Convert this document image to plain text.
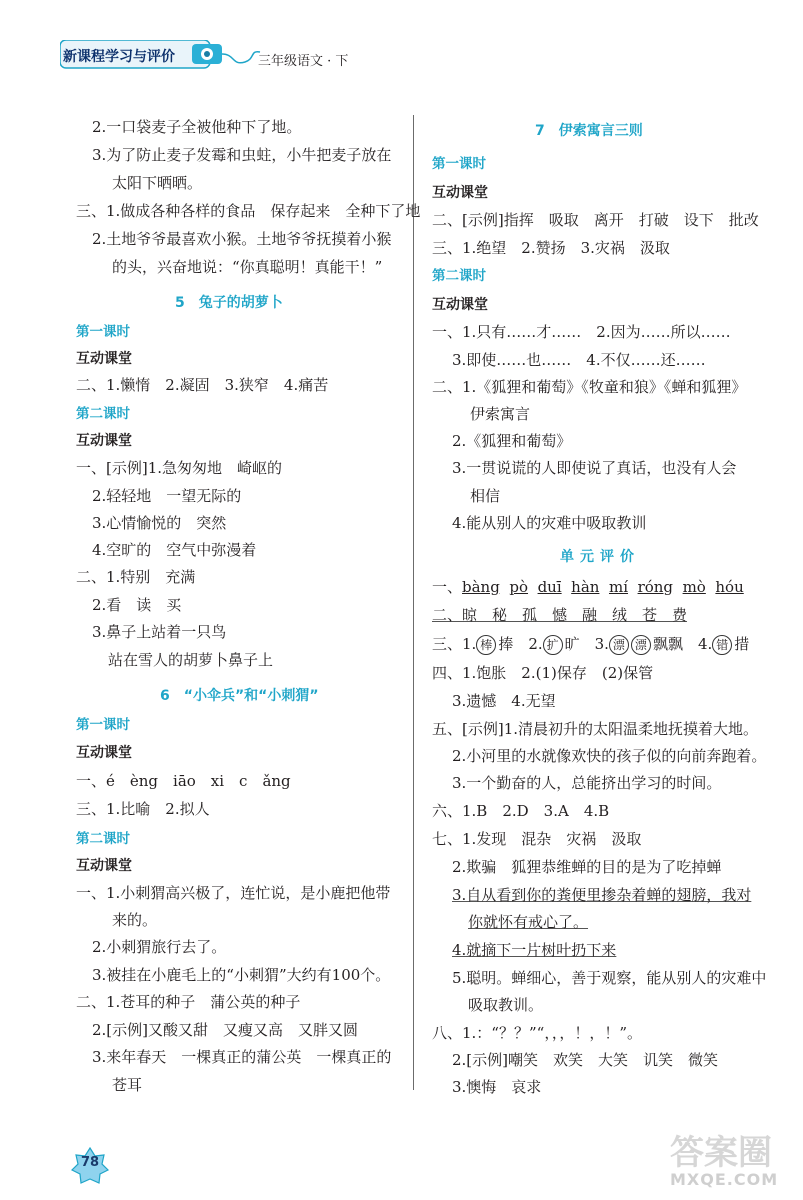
新课程学习与评价	三年级语文 · 下
2.一口袋麦子全被他种下了地。
3.为了防止麦子发霉和虫蛀，小牛把麦子放在
太阳下晒晒。
三、1.做成各种各样的食品　保存起来　全种下了地
2.土地爷爷最喜欢小猴。土地爷爷抚摸着小猴
的头，兴奋地说：“你真聪明！真能干！”
5　兔子的胡萝卜
第一课时
互动课堂
二、1.懒惰　2.凝固　3.狭窄　4.痛苦
第二课时
互动课堂
一、[示例]1.急匆匆地　崎岖的
2.轻轻地　一望无际的
3.心情愉悦的　突然
4.空旷的　空气中弥漫着
二、1.特别　充满
2.看　读　买
3.鼻子上站着一只鸟
站在雪人的胡萝卜鼻子上
6　“小伞兵”和“小刺猬”
第一课时
互动课堂
一、é　èng　iāo　xi　c　ǎng
三、1.比喻　2.拟人
第二课时
互动课堂
一、1.小刺猬高兴极了，连忙说，是小鹿把他带
来的。
2.小刺猬旅行去了。
3.被挂在小鹿毛上的“小刺猬”大约有100个。
二、1.苍耳的种子　蒲公英的种子
2.[示例]又酸又甜　又瘦又高　又胖又圆
3.来年春天　一棵真正的蒲公英　一棵真正的
苍耳
7　伊索寓言三则
第一课时
互动课堂
二、[示例]指挥　吸取　离开　打破　设下　批改
三、1.绝望　2.赞扬　3.灾祸　汲取
第二课时
互动课堂
一、1.只有……才……　2.因为……所以……
3.即使……也……　4.不仅……还……
二、1.《狐狸和葡萄》《牧童和狼》《蝉和狐狸》
伊索寓言
2.《狐狸和葡萄》
3.一贯说谎的人即使说了真话，也没有人会
相信
4.能从别人的灾难中吸取教训
单元评价
一、bàng pò duī hàn mí róng mò hóu
二、晾　秘　孤　憾　融　绒　苍　费
三、1. 棒 捧　2. 扩 旷　3. 漂 漂 飘飘　4. 错 措
四、1.饱胀　2.(1)保存　(2)保管
3.遗憾　4.无望
五、[示例]1.清晨初升的太阳温柔地抚摸着大地。
2.小河里的水就像欢快的孩子似的向前奔跑着。
3.一个勤奋的人，总能挤出学习的时间。
六、1.B　2.D　3.A　4.B
七、1.发现　混杂　灾祸　汲取
2.欺骗　狐狸恭维蝉的目的是为了吃掉蝉
3.自从看到你的粪便里掺杂着蝉的翅膀，我对
你就怀有戒心了。
4.就摘下一片树叶扔下来
5.聪明。蝉细心，善于观察，能从别人的灾难中
吸取教训。
八、1.：“？？”“，，，！，！”。
2.[示例]嘲笑　欢笑　大笑　讥笑　微笑
3.懊悔　哀求
78	答案圈
MXQE.COM
